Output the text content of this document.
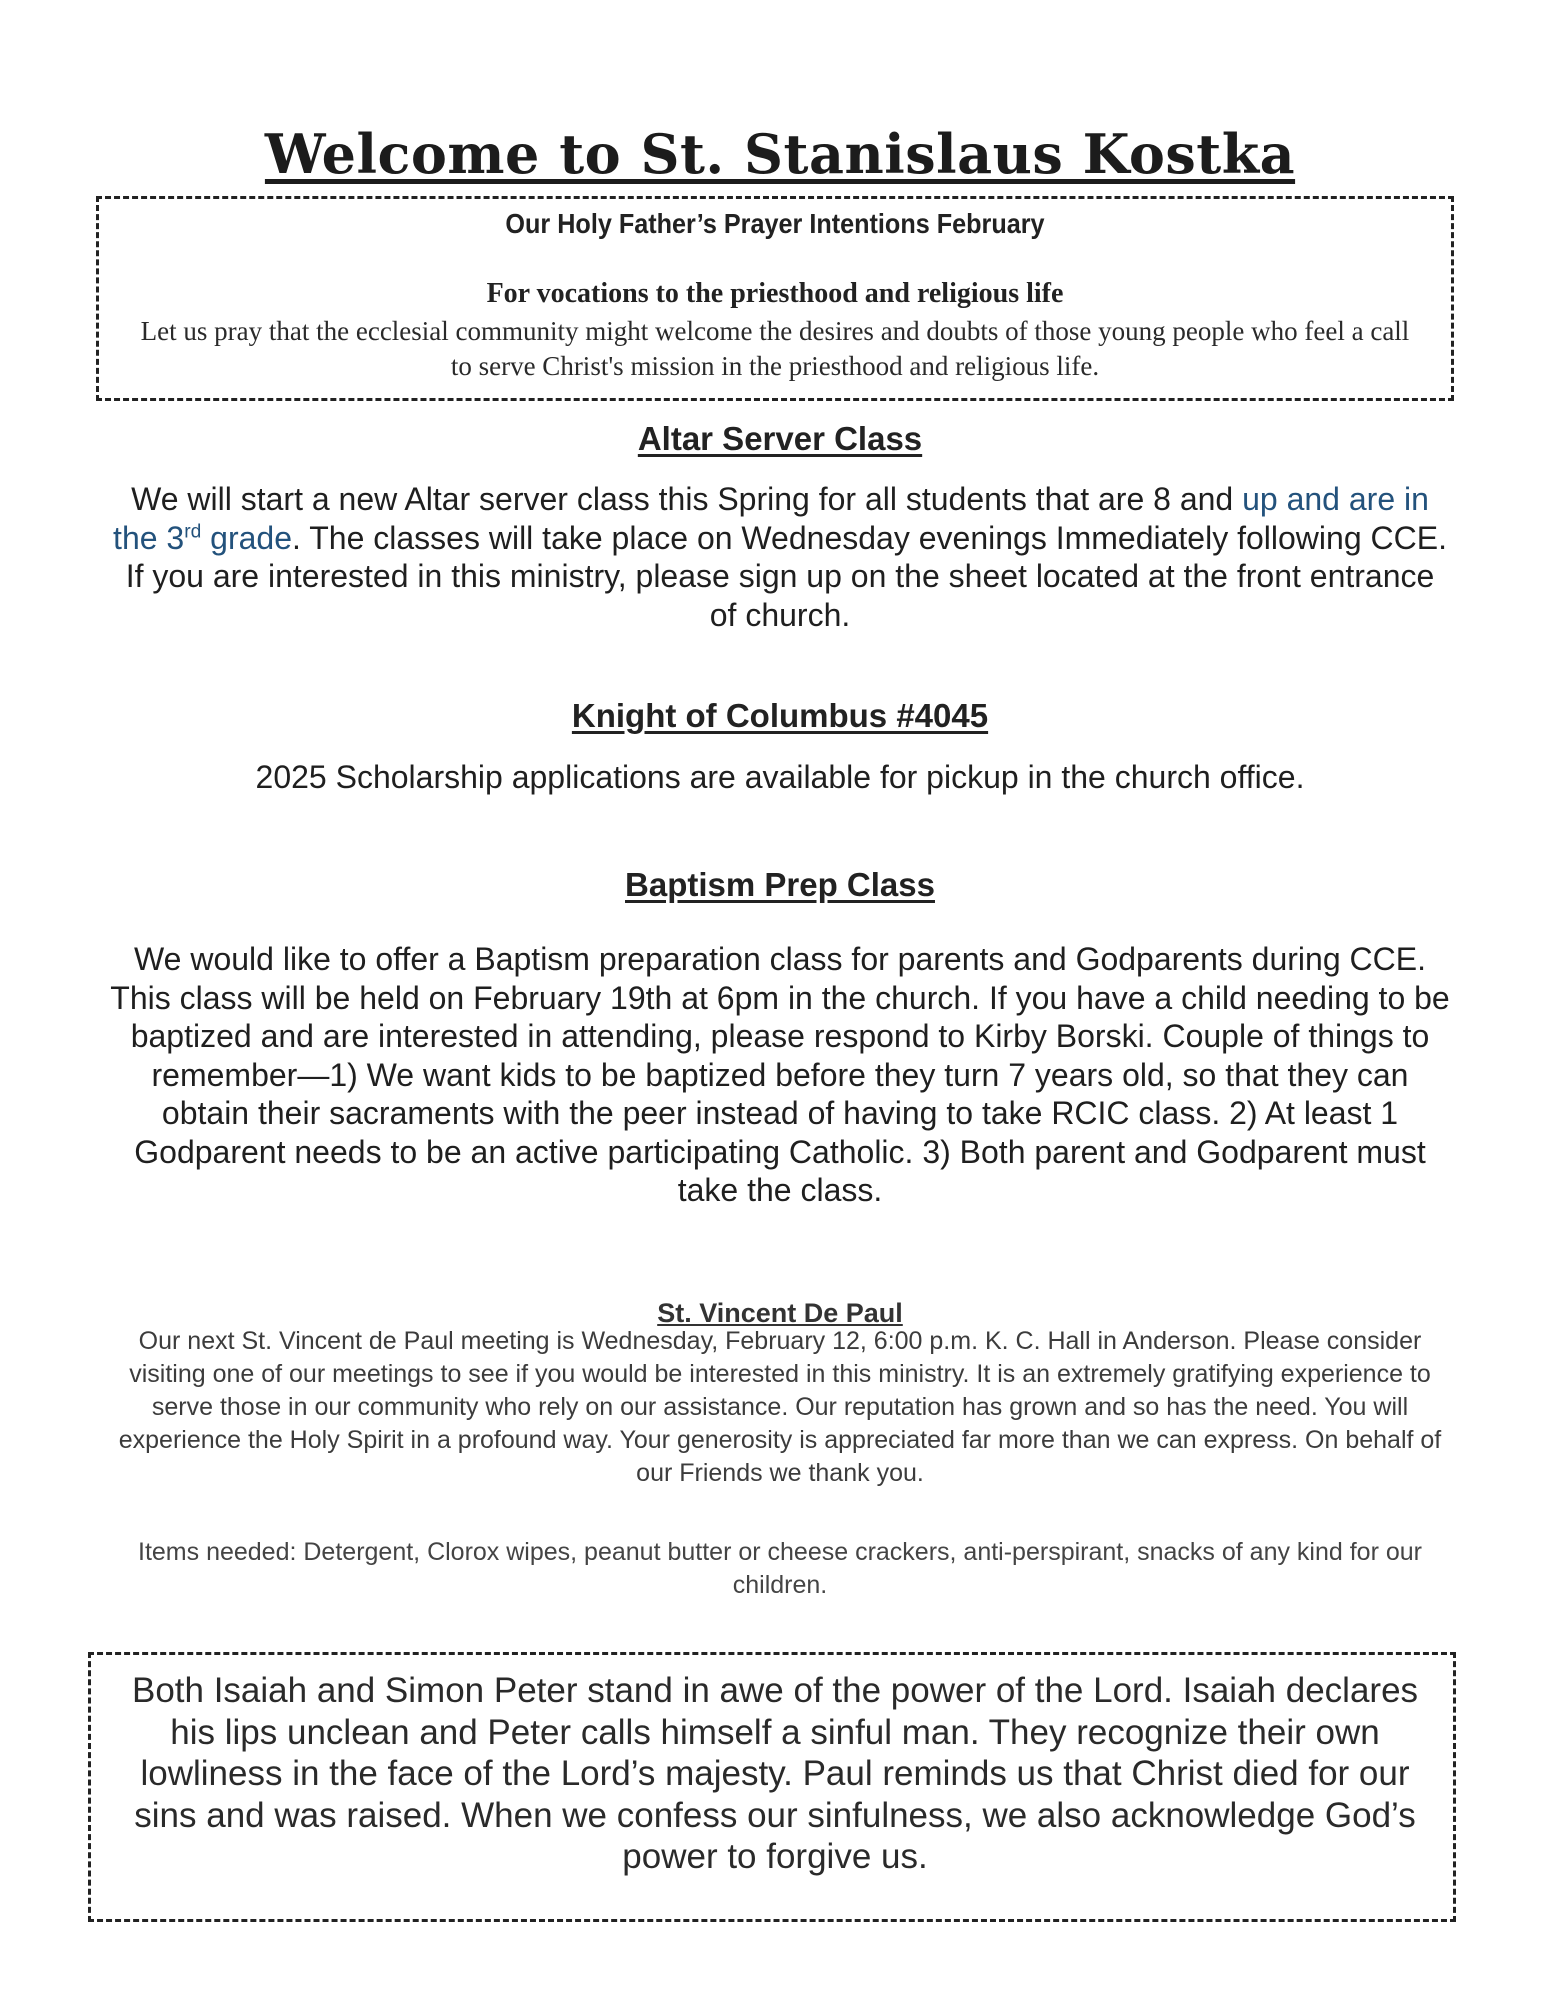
Welcome to St. Stanislaus Kostka
Our Holy Father’s Prayer Intentions February
For vocations to the priesthood and religious life
Let us pray that the ecclesial community might welcome the desires and doubts of those young people who feel a call to serve Christ's mission in the priesthood and religious life.
Altar Server Class
We will start a new Altar server class this Spring for all students that are 8 and up and are in the 3rd grade. The classes will take place on Wednesday evenings Immediately following CCE. If you are interested in this ministry, please sign up on the sheet located at the front entrance of church.
Knight of Columbus #4045
2025 Scholarship applications are available for pickup in the church office.
Baptism Prep Class
We would like to offer a Baptism preparation class for parents and Godparents during CCE. This class will be held on February 19th at 6pm in the church. If you have a child needing to be baptized and are interested in attending, please respond to Kirby Borski. Couple of things to remember—1) We want kids to be baptized before they turn 7 years old, so that they can obtain their sacraments with the peer instead of having to take RCIC class. 2) At least 1 Godparent needs to be an active participating Catholic. 3) Both parent and Godparent must take the class.
St. Vincent De Paul
Our next St. Vincent de Paul meeting is Wednesday, February 12, 6:00 p.m. K. C. Hall in Anderson. Please consider visiting one of our meetings to see if you would be interested in this ministry. It is an extremely gratifying experience to serve those in our community who rely on our assistance. Our reputation has grown and so has the need. You will experience the Holy Spirit in a profound way. Your generosity is appreciated far more than we can express. On behalf of our Friends we thank you.
Items needed: Detergent, Clorox wipes, peanut butter or cheese crackers, anti-perspirant, snacks of any kind for our children.
Both Isaiah and Simon Peter stand in awe of the power of the Lord. Isaiah declares his lips unclean and Peter calls himself a sinful man. They recognize their own lowliness in the face of the Lord’s majesty. Paul reminds us that Christ died for our sins and was raised. When we confess our sinfulness, we also acknowledge God’s power to forgive us.
